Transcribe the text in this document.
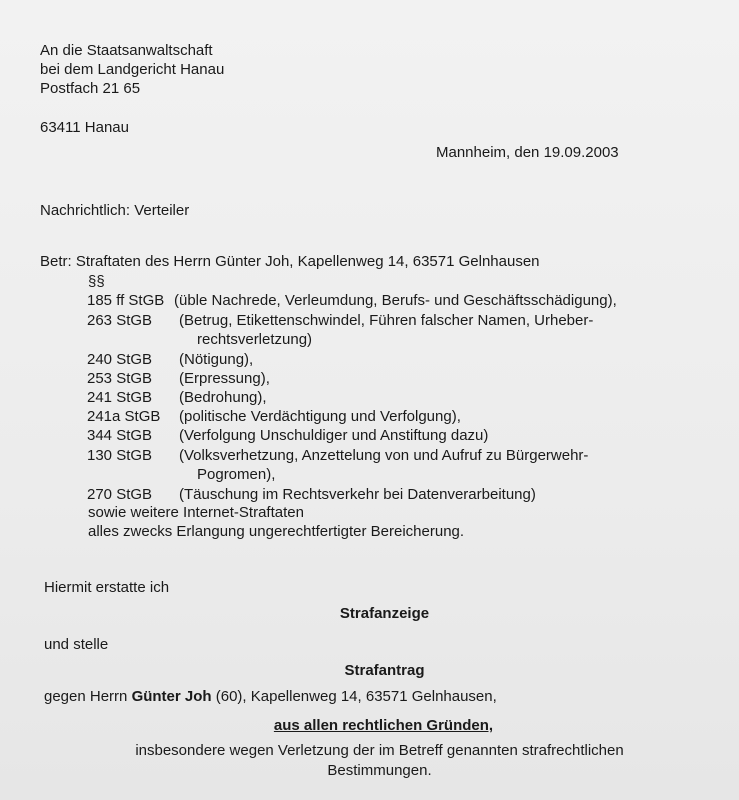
An die Staatsanwaltschaft
bei dem Landgericht Hanau
Postfach 21 65
63411 Hanau
Mannheim, den 19.09.2003
Nachrichtlich: Verteiler
Betr: Straftaten des Herrn Günter Joh, Kapellenweg 14, 63571 Gelnhausen
§§
185 ff StGB (üble Nachrede, Verleumdung, Berufs- und Geschäftsschädigung),
263 StGB (Betrug, Etikettenschwindel, Führen falscher Namen, Urheber-
rechtsverletzung)
240 StGB (Nötigung),
253 StGB (Erpressung),
241 StGB (Bedrohung),
241a StGB (politische Verdächtigung und Verfolgung),
344 StGB (Verfolgung Unschuldiger und Anstiftung dazu)
130 StGB (Volksverhetzung, Anzettelung von und Aufruf zu Bürgerwehr-
Pogromen),
270 StGB (Täuschung im Rechtsverkehr bei Datenverarbeitung)
sowie weitere Internet-Straftaten
alles zwecks Erlangung ungerechtfertigter Bereicherung.
Hiermit erstatte ich
Strafanzeige
und stelle
Strafantrag
gegen Herrn Günter Joh (60), Kapellenweg 14, 63571 Gelnhausen,
aus allen rechtlichen Gründen,
insbesondere wegen Verletzung der im Betreff genannten strafrechtlichen
Bestimmungen.
